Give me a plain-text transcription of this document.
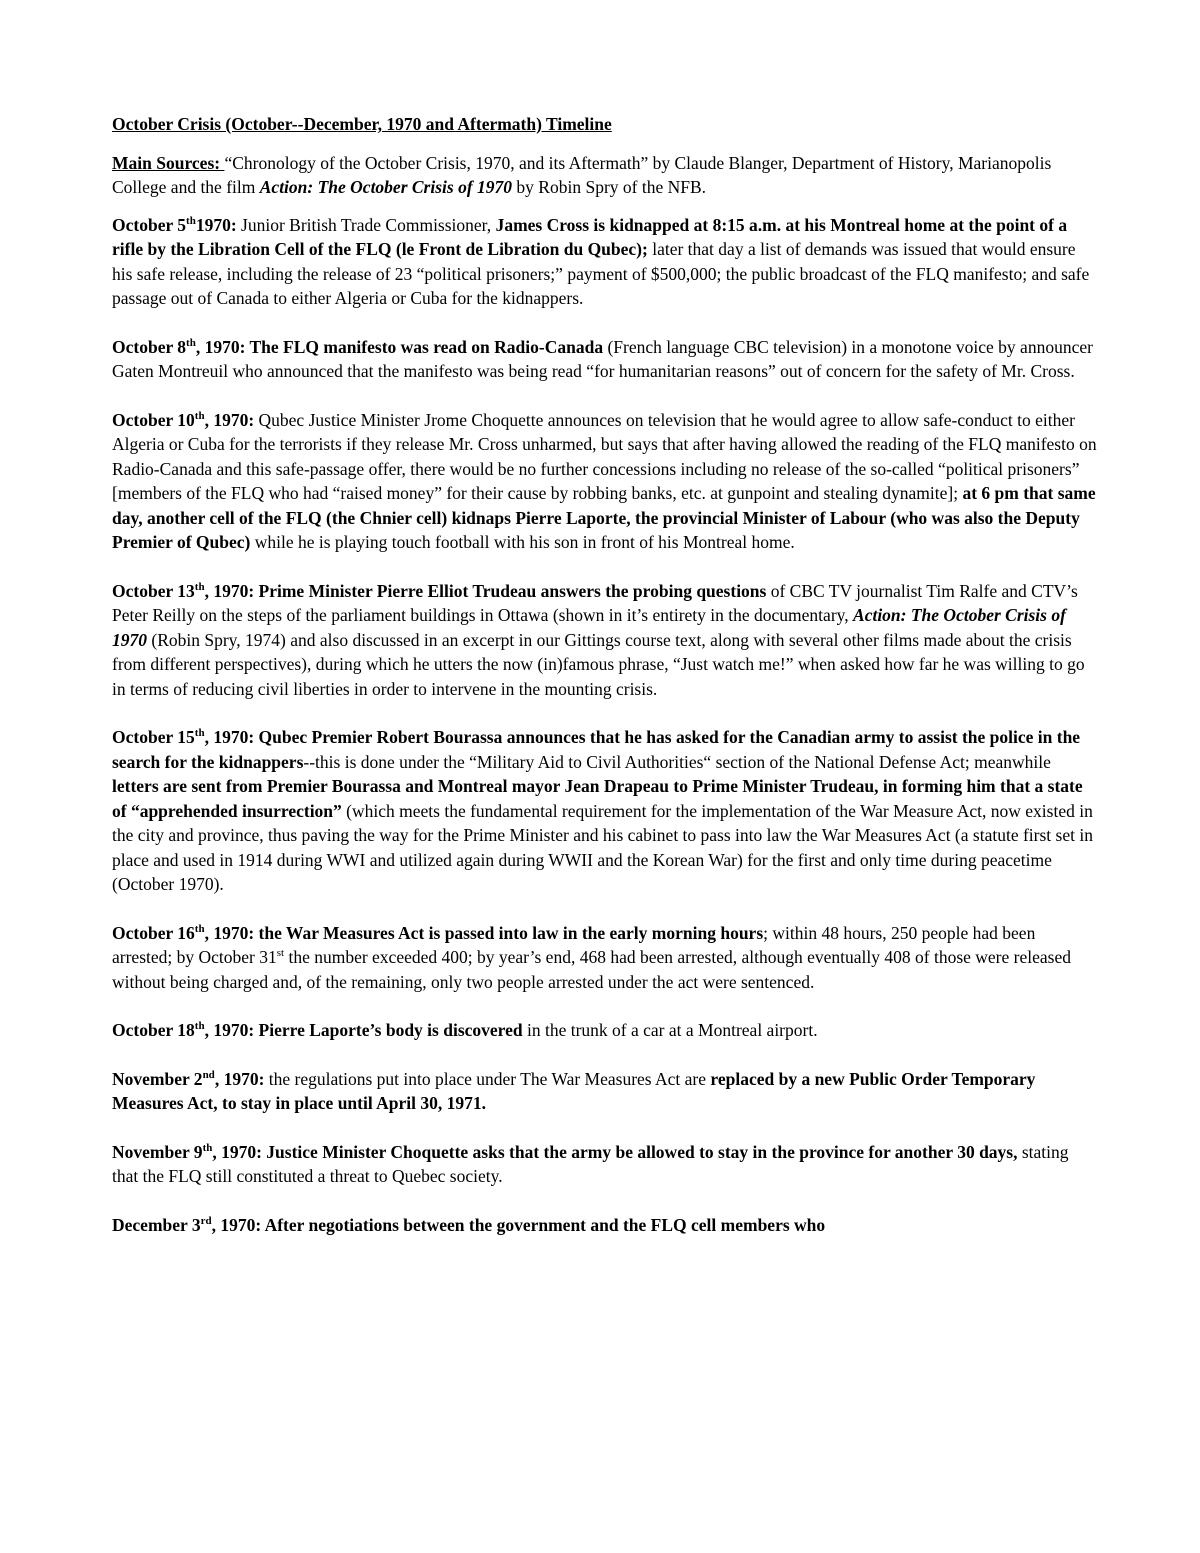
October Crisis (October--December, 1970 and Aftermath) Timeline
Main Sources: “Chronology of the October Crisis, 1970, and its Aftermath” by Claude Blanger, Department of History, Marianopolis College and the film Action: The October Crisis of 1970 by Robin Spry of the NFB.
October 5th1970: Junior British Trade Commissioner, James Cross is kidnapped at 8:15 a.m. at his Montreal home at the point of a rifle by the Libration Cell of the FLQ (le Front de Libration du Qubec); later that day a list of demands was issued that would ensure his safe release, including the release of 23 “political prisoners;” payment of $500,000; the public broadcast of the FLQ manifesto; and safe passage out of Canada to either Algeria or Cuba for the kidnappers.
October 8th, 1970: The FLQ manifesto was read on Radio-Canada (French language CBC television) in a monotone voice by announcer Gaten Montreuil who announced that the manifesto was being read “for humanitarian reasons” out of concern for the safety of Mr. Cross.
October 10th, 1970: Qubec Justice Minister Jrome Choquette announces on television that he would agree to allow safe-conduct to either Algeria or Cuba for the terrorists if they release Mr. Cross unharmed, but says that after having allowed the reading of the FLQ manifesto on Radio-Canada and this safe-passage offer, there would be no further concessions including no release of the so-called “political prisoners” [members of the FLQ who had “raised money” for their cause by robbing banks, etc. at gunpoint and stealing dynamite]; at 6 pm that same day, another cell of the FLQ (the Chnier cell) kidnaps Pierre Laporte, the provincial Minister of Labour (who was also the Deputy Premier of Qubec) while he is playing touch football with his son in front of his Montreal home.
October 13th, 1970: Prime Minister Pierre Elliot Trudeau answers the probing questions of CBC TV journalist Tim Ralfe and CTV’s Peter Reilly on the steps of the parliament buildings in Ottawa (shown in it’s entirety in the documentary, Action: The October Crisis of 1970 (Robin Spry, 1974) and also discussed in an excerpt in our Gittings course text, along with several other films made about the crisis from different perspectives), during which he utters the now (in)famous phrase, “Just watch me!” when asked how far he was willing to go in terms of reducing civil liberties in order to intervene in the mounting crisis.
October 15th, 1970: Qubec Premier Robert Bourassa announces that he has asked for the Canadian army to assist the police in the search for the kidnappers--this is done under the “Military Aid to Civil Authorities“ section of the National Defense Act; meanwhile letters are sent from Premier Bourassa and Montreal mayor Jean Drapeau to Prime Minister Trudeau, in forming him that a state of “apprehended insurrection” (which meets the fundamental requirement for the implementation of the War Measure Act, now existed in the city and province, thus paving the way for the Prime Minister and his cabinet to pass into law the War Measures Act (a statute first set in place and used in 1914 during WWI and utilized again during WWII and the Korean War) for the first and only time during peacetime (October 1970).
October 16th, 1970: the War Measures Act is passed into law in the early morning hours; within 48 hours, 250 people had been arrested; by October 31st the number exceeded 400; by year’s end, 468 had been arrested, although eventually 408 of those were released without being charged and, of the remaining, only two people arrested under the act were sentenced.
October 18th, 1970: Pierre Laporte’s body is discovered in the trunk of a car at a Montreal airport.
November 2nd, 1970: the regulations put into place under The War Measures Act are replaced by a new Public Order Temporary Measures Act, to stay in place until April 30, 1971.
November 9th, 1970: Justice Minister Choquette asks that the army be allowed to stay in the province for another 30 days, stating that the FLQ still constituted a threat to Quebec society.
December 3rd, 1970: After negotiations between the government and the FLQ cell members who
